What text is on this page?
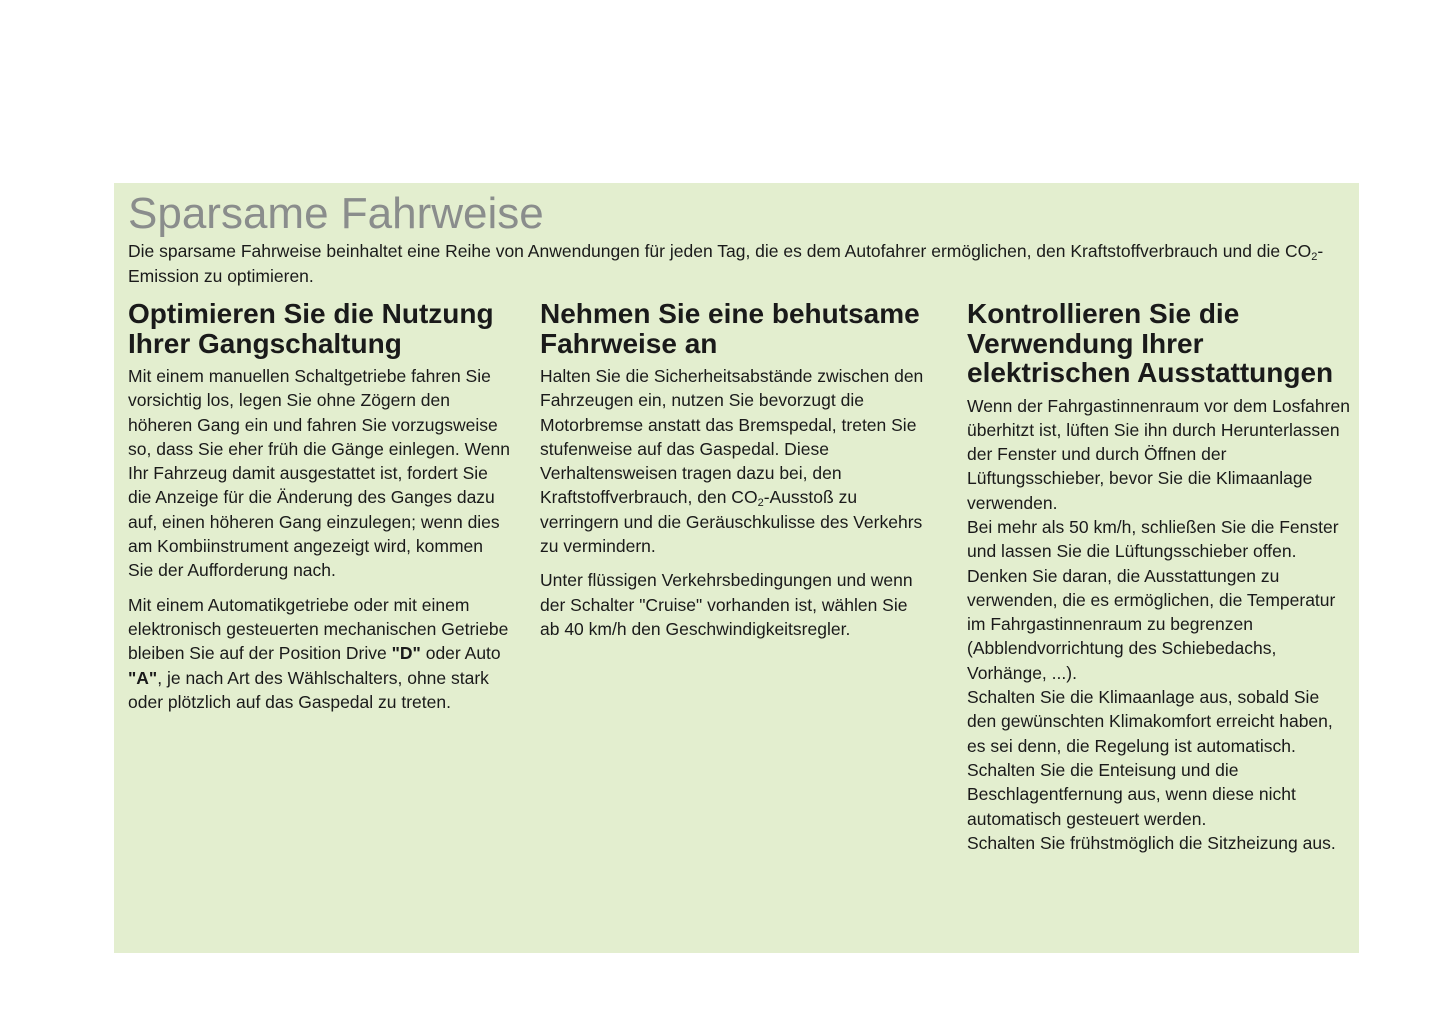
Sparsame Fahrweise

Die sparsame Fahrweise beinhaltet eine Reihe von Anwendungen für jeden Tag, die es dem Autofahrer ermöglichen, den Kraftstoffverbrauch und die $CO_2$-Emission zu optimieren.

Optimieren Sie die Nutzung Ihrer Gangschaltung

Mit einem manuellen Schaltgetriebe fahren Sie vorsichtig los, legen Sie ohne Zögern den höheren Gang ein und fahren Sie vorzugsweise so, dass Sie eher früh die Gänge einlegen. Wenn Ihr Fahrzeug damit ausgestattet ist, fordert Sie die Anzeige für die Änderung des Ganges dazu auf, einen höheren Gang einzulegen; wenn dies am Kombiinstrument angezeigt wird, kommen Sie der Aufforderung nach.

Mit einem Automatikgetriebe oder mit einem elektronisch gesteuerten mechanischen Getriebe bleiben Sie auf der Position Drive "D" oder Auto "A", je nach Art des Wählschalters, ohne stark oder plötzlich auf das Gaspedal zu treten.

Nehmen Sie eine behutsame Fahrweise an

Halten Sie die Sicherheitsabstände zwischen den Fahrzeugen ein, nutzen Sie bevorzugt die Motorbremse anstatt das Bremspedal, treten Sie stufenweise auf das Gaspedal. Diese Verhaltensweisen tragen dazu bei, den Kraftstoffverbrauch, den $CO_2$-Ausstoß zu verringern und die Geräuschkulisse des Verkehrs zu vermindern.

Unter flüssigen Verkehrsbedingungen und wenn der Schalter "Cruise" vorhanden ist, wählen Sie ab 40 km/h den Geschwindigkeitsregler.

Kontrollieren Sie die Verwendung Ihrer elektrischen Ausstattungen

Wenn der Fahrgastinnenraum vor dem Losfahren überhitzt ist, lüften Sie ihn durch Herunterlassen der Fenster und durch Öffnen der Lüftungsschieber, bevor Sie die Klimaanlage verwenden.

Bei mehr als 50 km/h, schließen Sie die Fenster und lassen Sie die Lüftungsschieber offen.

Denken Sie daran, die Ausstattungen zu verwenden, die es ermöglichen, die Temperatur im Fahrgastinnenraum zu begrenzen (Abblendvorrichtung des Schiebedachs, Vorhänge, ...).

Schalten Sie die Klimaanlage aus, sobald Sie den gewünschten Klimakomfort erreicht haben, es sei denn, die Regelung ist automatisch.

Schalten Sie die Enteisung und die Beschlagentfernung aus, wenn diese nicht automatisch gesteuert werden.

Schalten Sie frühstmöglich die Sitzheizung aus.
